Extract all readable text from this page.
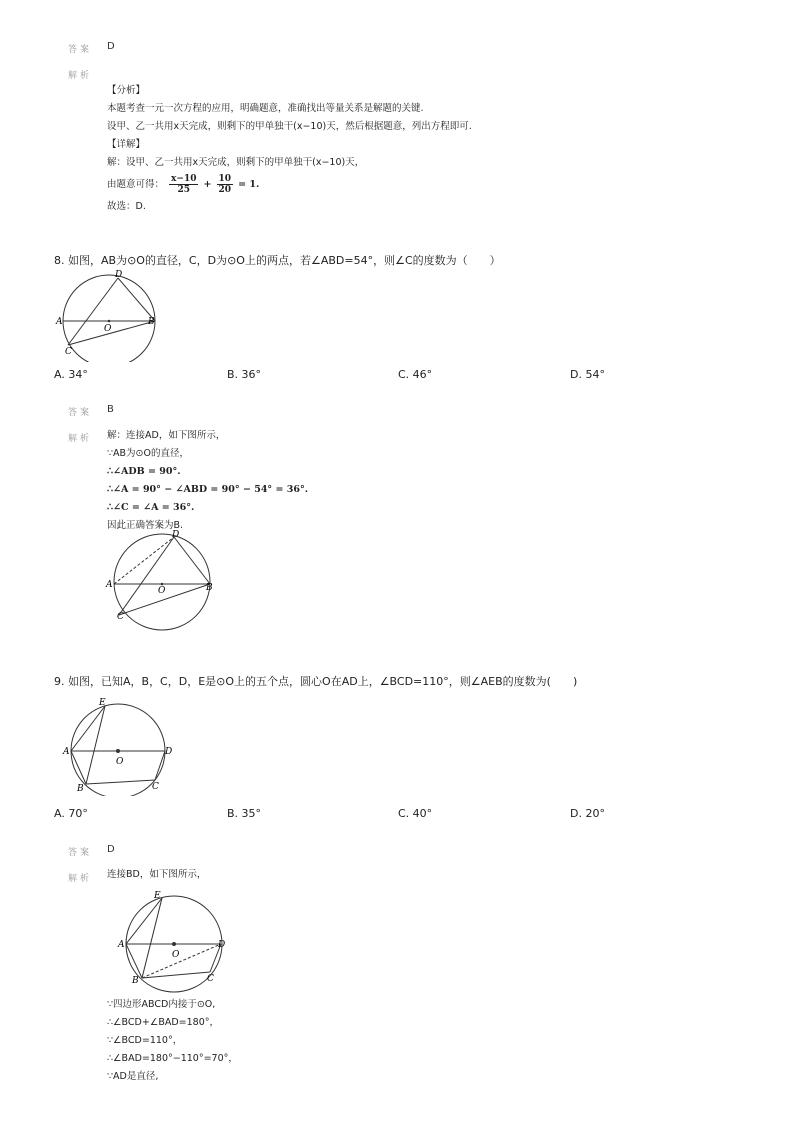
答案 D
解析
【分析】
本题考查一元一次方程的应用，明确题意，准确找出等量关系是解题的关键.
设甲、乙一共用x天完成，则剩下的甲单独干(x−10)天，然后根据题意，列出方程即可.
【详解】
解：设甲、乙一共用x天完成，则剩下的甲单独干(x−10)天，
由题意可得： $\frac{x-10}{25} + \frac{10}{20} = 1$.
故选：D.
8. 如图，AB为⊙O的直径，C，D为⊙O上的两点，若∠ABD=54°，则∠C的度数为（　　）
D
A	B
O
C
A. 34°	B. 36°	C. 46°	D. 54°
答案 B
解析 解：连接AD，如下图所示，
∵AB为⊙O的直径，
∴∠ADB = 90°.
∴∠A = 90° − ∠ABD = 90° − 54° = 36°.
∴∠C = ∠A = 36°.
因此正确答案为B.
D
A	B
O
C
9. 如图，已知A，B，C，D，E是⊙O上的五个点，圆心O在AD上，∠BCD=110°，则∠AEB的度数为(　　)
E
A	D
O
B	C
A. 70°	B. 35°	C. 40°	D. 20°
答案 D
解析 连接BD，如下图所示，
E
A	D
O
B	C
∵四边形ABCD内接于⊙O,
∴∠BCD+∠BAD=180°，
∵∠BCD=110°，
∴∠BAD=180°−110°=70°，
∵AD是直径,
